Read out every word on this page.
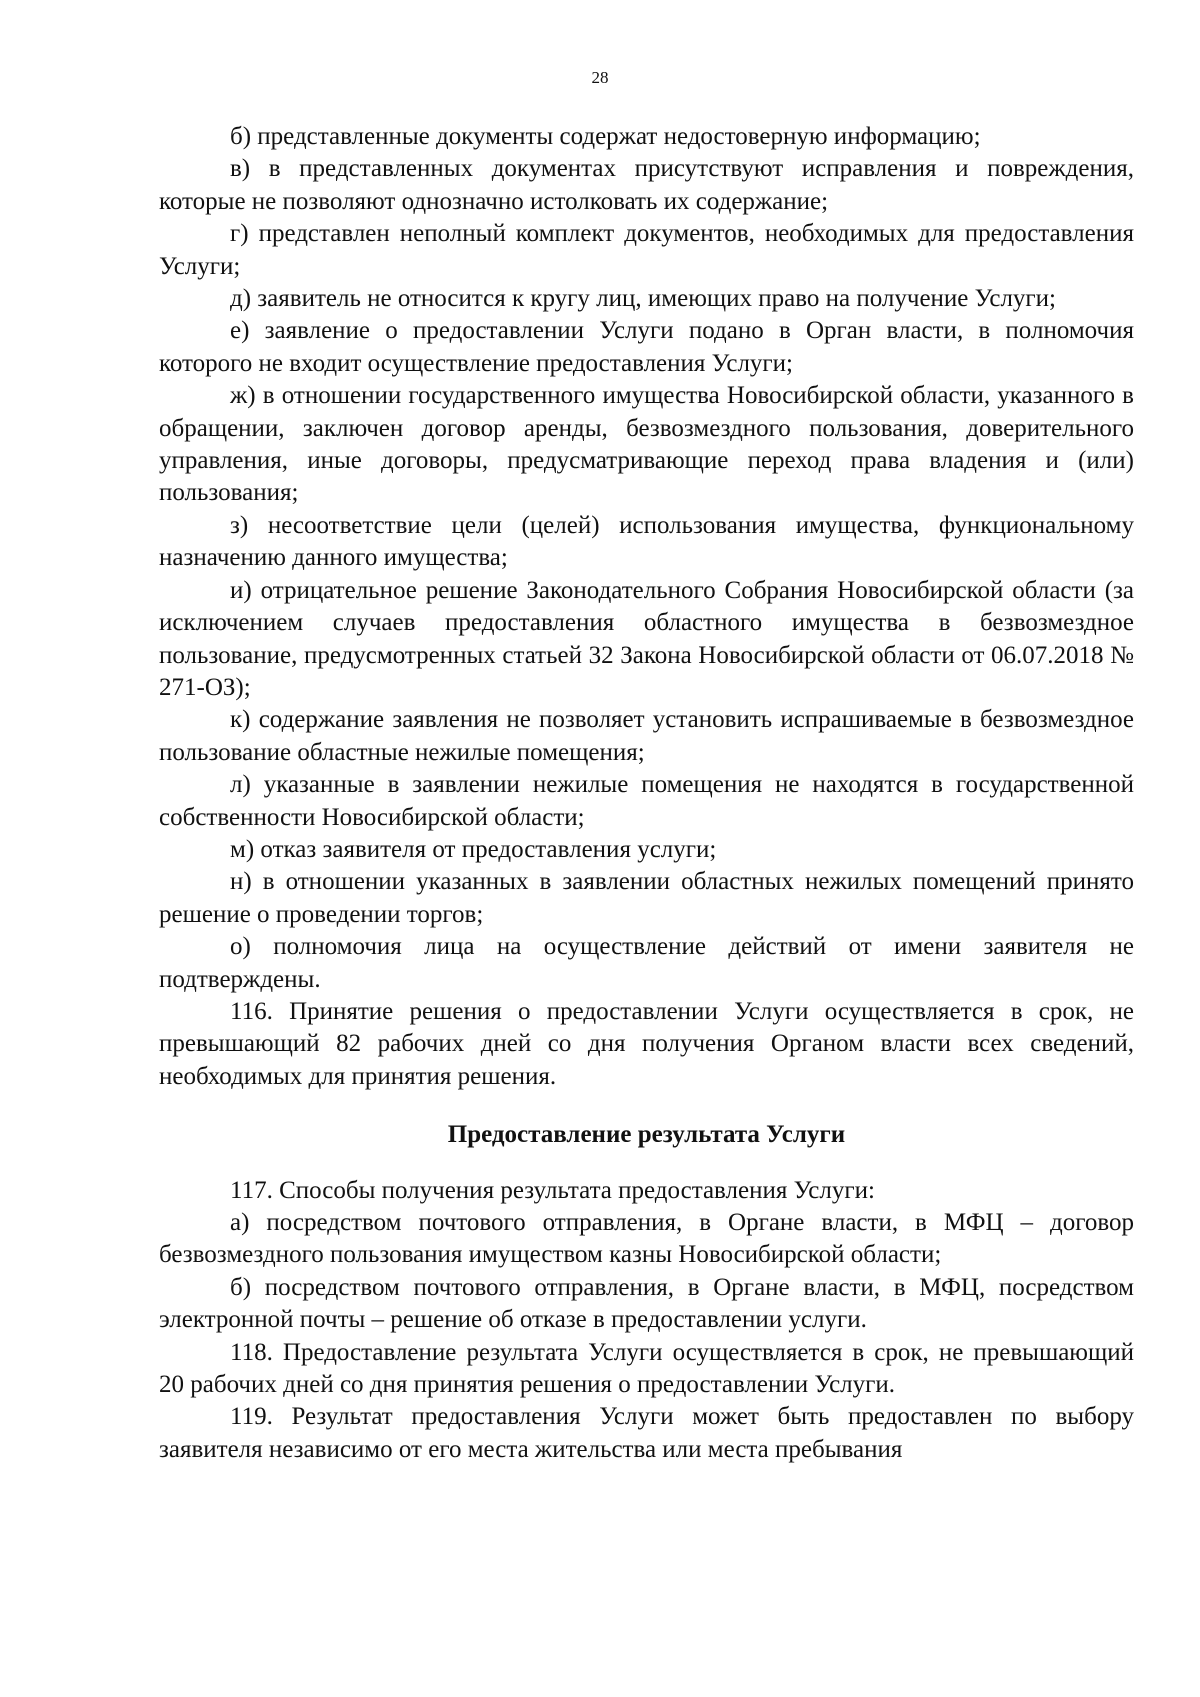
28

б) представленные документы содержат недостоверную информацию;

в) в представленных документах присутствуют исправления и повреждения, которые не позволяют однозначно истолковать их содержание;

г) представлен неполный комплект документов, необходимых для предоставления Услуги;

д) заявитель не относится к кругу лиц, имеющих право на получение Услуги;

е) заявление о предоставлении Услуги подано в Орган власти, в полномочия которого не входит осуществление предоставления Услуги;

ж) в отношении государственного имущества Новосибирской области, указанного в обращении, заключен договор аренды, безвозмездного пользования, доверительного управления, иные договоры, предусматривающие переход права владения и (или) пользования;

з) несоответствие цели (целей) использования имущества, функциональному назначению данного имущества;

и) отрицательное решение Законодательного Собрания Новосибирской области (за исключением случаев предоставления областного имущества в безвозмездное пользование, предусмотренных статьей 32 Закона Новосибирской области от 06.07.2018 № 271-ОЗ);

к) содержание заявления не позволяет установить испрашиваемые в безвозмездное пользование областные нежилые помещения;

л) указанные в заявлении нежилые помещения не находятся в государственной собственности Новосибирской области;

м) отказ заявителя от предоставления услуги;

н) в отношении указанных в заявлении областных нежилых помещений принято решение о проведении торгов;

о) полномочия лица на осуществление действий от имени заявителя не подтверждены.

116. Принятие решения о предоставлении Услуги осуществляется в срок, не превышающий 82 рабочих дней со дня получения Органом власти всех сведений, необходимых для принятия решения.

Предоставление результата Услуги

117. Способы получения результата предоставления Услуги:

а) посредством почтового отправления, в Органе власти, в МФЦ – договор безвозмездного пользования имуществом казны Новосибирской области;

б) посредством почтового отправления, в Органе власти, в МФЦ, посредством электронной почты – решение об отказе в предоставлении услуги.

118. Предоставление результата Услуги осуществляется в срок, не превышающий 20 рабочих дней со дня принятия решения о предоставлении Услуги.

119. Результат предоставления Услуги может быть предоставлен по выбору заявителя независимо от его места жительства или места пребывания
